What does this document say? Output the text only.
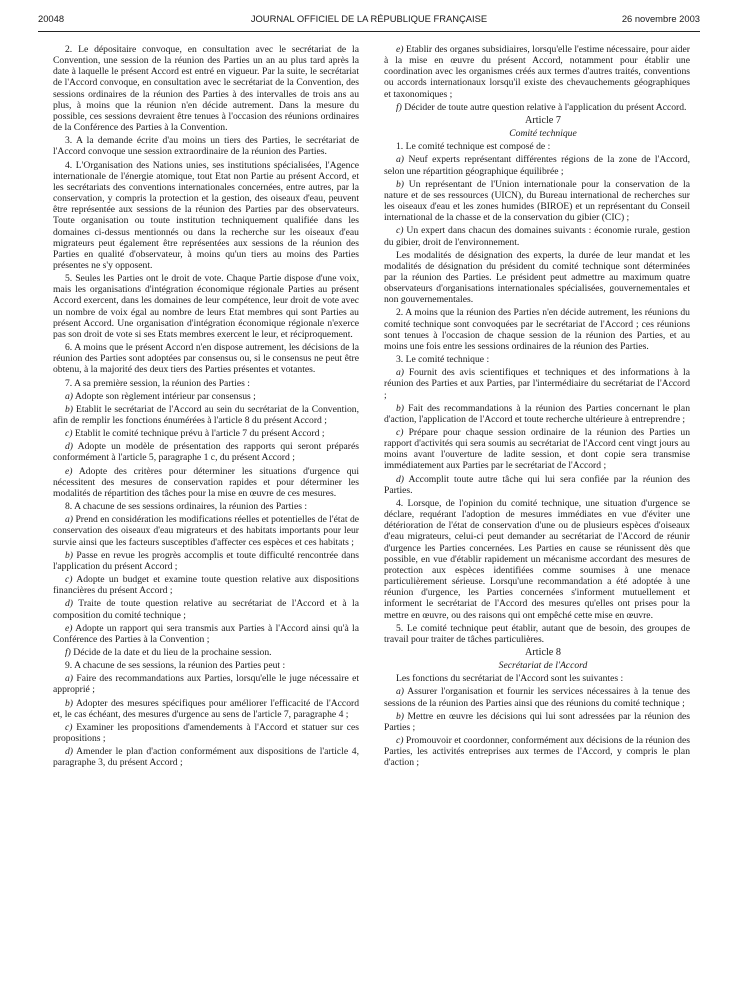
20048	JOURNAL OFFICIEL DE LA RÉPUBLIQUE FRANÇAISE	26 novembre 2003

2. Le dépositaire convoque, en consultation avec le secrétariat de la Convention, une session de la réunion des Parties un an au plus tard après la date à laquelle le présent Accord est entré en vigueur. Par la suite, le secrétariat de l'Accord convoque, en consultation avec le secrétariat de la Convention, des sessions ordinaires de la réunion des Parties à des intervalles de trois ans au plus, à moins que la réunion n'en décide autrement. Dans la mesure du possible, ces sessions devraient être tenues à l'occasion des réunions ordinaires de la Conférence des Parties à la Convention.

3. A la demande écrite d'au moins un tiers des Parties, le secrétariat de l'Accord convoque une session extraordinaire de la réunion des Parties.

4. L'Organisation des Nations unies, ses institutions spécialisées, l'Agence internationale de l'énergie atomique, tout Etat non Partie au présent Accord, et les secrétariats des conventions internationales concernées, entre autres, par la conservation, y compris la protection et la gestion, des oiseaux d'eau, peuvent être représentée aux sessions de la réunion des Parties par des observateurs. Toute organisation ou toute institution techniquement qualifiée dans les domaines ci-dessus mentionnés ou dans la recherche sur les oiseaux d'eau migrateurs peut également être représentées aux sessions de la réunion des Parties en qualité d'observateur, à moins qu'un tiers au moins des Parties présentes ne s'y opposent.

5. Seules les Parties ont le droit de vote. Chaque Partie dispose d'une voix, mais les organisations d'intégration économique régionale Parties au présent Accord exercent, dans les domaines de leur compétence, leur droit de vote avec un nombre de voix égal au nombre de leurs Etat membres qui sont Parties au présent Accord. Une organisation d'intégration économique régionale n'exerce pas son droit de vote si ses Etats membres exercent le leur, et réciproquement.

6. A moins que le présent Accord n'en dispose autrement, les décisions de la réunion des Parties sont adoptées par consensus ou, si le consensus ne peut être obtenu, à la majorité des deux tiers des Parties présentes et votantes.

7. A sa première session, la réunion des Parties :

a) Adopte son règlement intérieur par consensus ;

b) Etablit le secrétariat de l'Accord au sein du secrétariat de la Convention, afin de remplir les fonctions énumérées à l'article 8 du présent Accord ;

c) Etablit le comité technique prévu à l'article 7 du présent Accord ;

d) Adopte un modèle de présentation des rapports qui seront préparés conformément à l'article 5, paragraphe 1 c, du présent Accord ;

e) Adopte des critères pour déterminer les situations d'urgence qui nécessitent des mesures de conservation rapides et pour déterminer les modalités de répartition des tâches pour la mise en œuvre de ces mesures.

8. A chacune de ses sessions ordinaires, la réunion des Parties :

a) Prend en considération les modifications réelles et potentielles de l'état de conservation des oiseaux d'eau migrateurs et des habitats importants pour leur survie ainsi que les facteurs susceptibles d'affecter ces espèces et ces habitats ;

b) Passe en revue les progrès accomplis et toute difficulté rencontrée dans l'application du présent Accord ;

c) Adopte un budget et examine toute question relative aux dispositions financières du présent Accord ;

d) Traite de toute question relative au secrétariat de l'Accord et à la composition du comité technique ;

e) Adopte un rapport qui sera transmis aux Parties à l'Accord ainsi qu'à la Conférence des Parties à la Convention ;

f) Décide de la date et du lieu de la prochaine session.

9. A chacune de ses sessions, la réunion des Parties peut :

a) Faire des recommandations aux Parties, lorsqu'elle le juge nécessaire et approprié ;

b) Adopter des mesures spécifiques pour améliorer l'efficacité de l'Accord et, le cas échéant, des mesures d'urgence au sens de l'article 7, paragraphe 4 ;

c) Examiner les propositions d'amendements à l'Accord et statuer sur ces propositions ;

d) Amender le plan d'action conformément aux dispositions de l'article 4, paragraphe 3, du présent Accord ;

e) Etablir des organes subsidiaires, lorsqu'elle l'estime nécessaire, pour aider à la mise en œuvre du présent Accord, notamment pour établir une coordination avec les organismes créés aux termes d'autres traités, conventions ou accords internationaux lorsqu'il existe des chevauchements géographiques et taxonomiques ;

f) Décider de toute autre question relative à l'application du présent Accord.

Article 7

Comité technique

1. Le comité technique est composé de :

a) Neuf experts représentant différentes régions de la zone de l'Accord, selon une répartition géographique équilibrée ;

b) Un représentant de l'Union internationale pour la conservation de la nature et de ses ressources (UICN), du Bureau international de recherches sur les oiseaux d'eau et les zones humides (BIROE) et un représentant du Conseil international de la chasse et de la conservation du gibier (CIC) ;

c) Un expert dans chacun des domaines suivants : économie rurale, gestion du gibier, droit de l'environnement.

Les modalités de désignation des experts, la durée de leur mandat et les modalités de désignation du président du comité technique sont déterminées par la réunion des Parties. Le président peut admettre au maximum quatre observateurs d'organisations internationales spécialisées, gouvernementales et non gouvernementales.

2. A moins que la réunion des Parties n'en décide autrement, les réunions du comité technique sont convoquées par le secrétariat de l'Accord ; ces réunions sont tenues à l'occasion de chaque session de la réunion des Parties, et au moins une fois entre les sessions ordinaires de la réunion des Parties.

3. Le comité technique :

a) Fournit des avis scientifiques et techniques et des informations à la réunion des Parties et aux Parties, par l'intermédiaire du secrétariat de l'Accord ;

b) Fait des recommandations à la réunion des Parties concernant le plan d'action, l'application de l'Accord et toute recherche ultérieure à entreprendre ;

c) Prépare pour chaque session ordinaire de la réunion des Parties un rapport d'activités qui sera soumis au secrétariat de l'Accord cent vingt jours au moins avant l'ouverture de ladite session, et dont copie sera transmise immédiatement aux Parties par le secrétariat de l'Accord ;

d) Accomplit toute autre tâche qui lui sera confiée par la réunion des Parties.

4. Lorsque, de l'opinion du comité technique, une situation d'urgence se déclare, requérant l'adoption de mesures immédiates en vue d'éviter une détérioration de l'état de conservation d'une ou de plusieurs espèces d'oiseaux d'eau migrateurs, celui-ci peut demander au secrétariat de l'Accord de réunir d'urgence les Parties concernées. Les Parties en cause se réunissent dès que possible, en vue d'établir rapidement un mécanisme accordant des mesures de protection aux espèces identifiées comme soumises à une menace particulièrement sérieuse. Lorsqu'une recommandation a été adoptée à une réunion d'urgence, les Parties concernées s'informent mutuellement et informent le secrétariat de l'Accord des mesures qu'elles ont prises pour la mettre en œuvre, ou des raisons qui ont empêché cette mise en œuvre.

5. Le comité technique peut établir, autant que de besoin, des groupes de travail pour traiter de tâches particulières.

Article 8

Secrétariat de l'Accord

Les fonctions du secrétariat de l'Accord sont les suivantes :

a) Assurer l'organisation et fournir les services nécessaires à la tenue des sessions de la réunion des Parties ainsi que des réunions du comité technique ;

b) Mettre en œuvre les décisions qui lui sont adressées par la réunion des Parties ;

c) Promouvoir et coordonner, conformément aux décisions de la réunion des Parties, les activités entreprises aux termes de l'Accord, y compris le plan d'action ;
